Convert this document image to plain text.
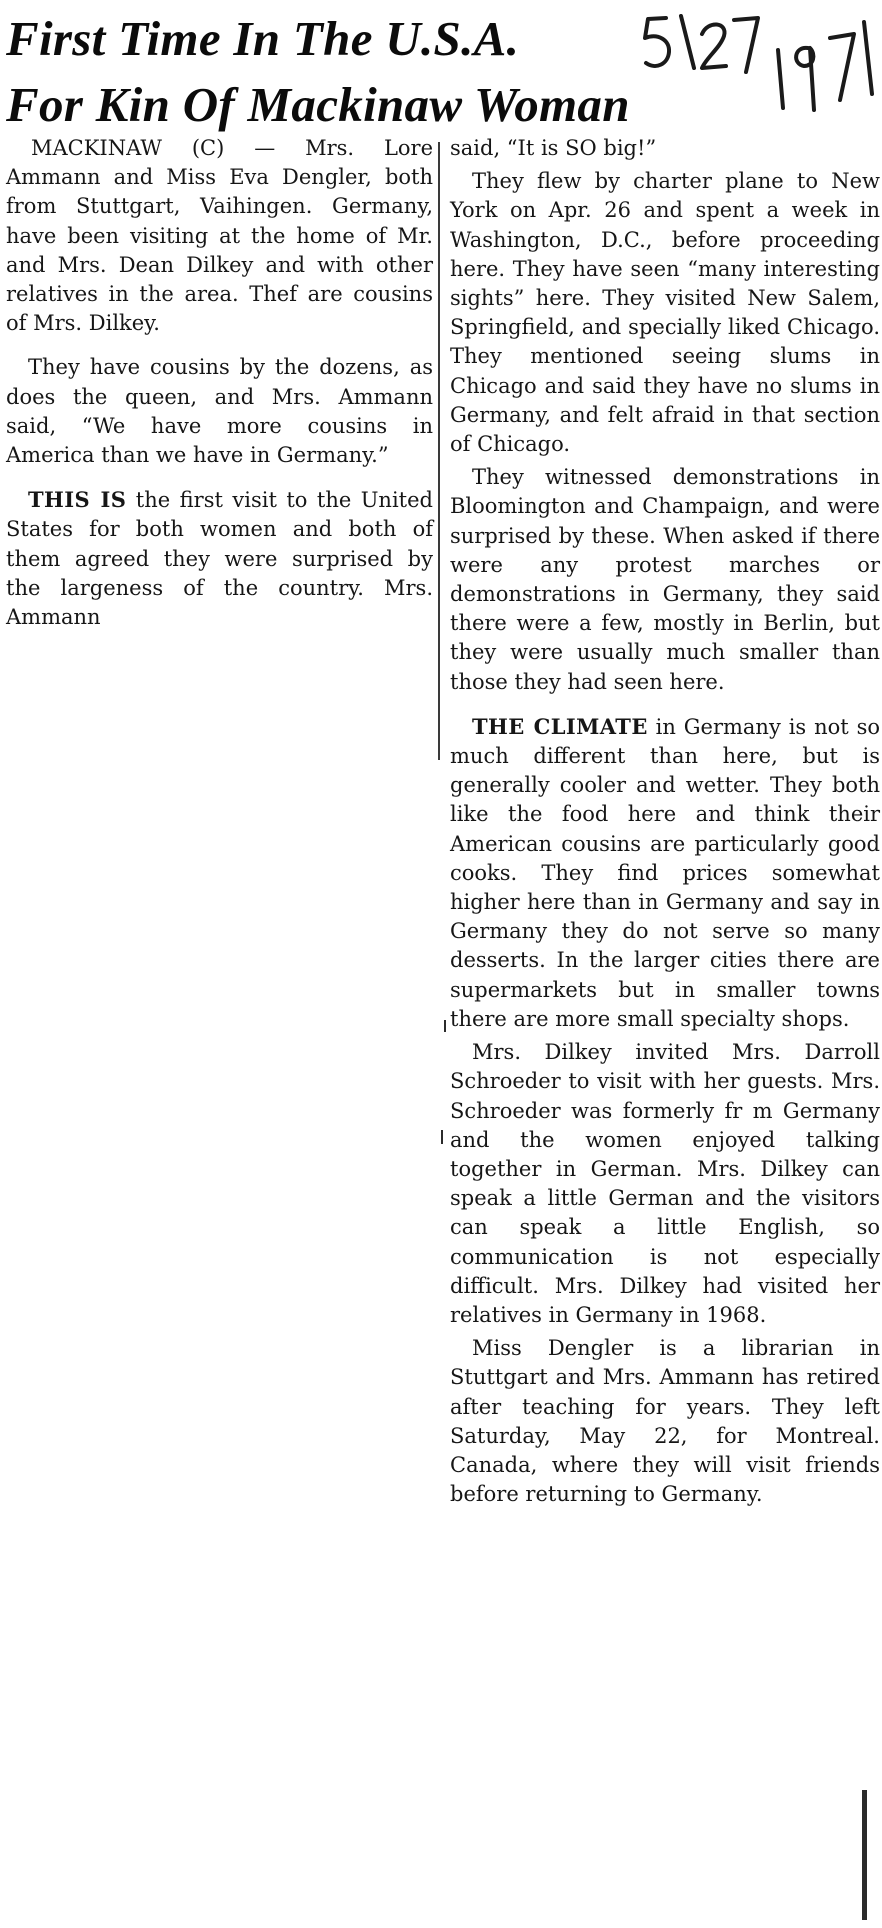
First Time In The U.S.A.
For Kin Of Mackinaw Woman

MACKINAW (C) — Mrs. Lore Ammann and Miss Eva Dengler, both from Stuttgart, Vaihingen. Germany, have been visiting at the home of Mr. and Mrs. Dean Dilkey and with other relatives in the area. Thef are cousins of Mrs. Dilkey.

They have cousins by the dozens, as does the queen, and Mrs. Ammann said, “We have more cousins in America than we have in Germany.”

THIS IS the first visit to the United States for both women and both of them agreed they were surprised by the largeness of the country. Mrs. Ammann

said, “It is SO big!”

They flew by charter plane to New York on Apr. 26 and spent a week in Washington, D.C., before proceeding here. They have seen “many interesting sights” here. They visited New Salem, Springfield, and specially liked Chicago. They mentioned seeing slums in Chicago and said they have no slums in Germany, and felt afraid in that section of Chicago.

They witnessed demonstrations in Bloomington and Champaign, and were surprised by these. When asked if there were any protest marches or demonstrations in Germany, they said there were a few, mostly in Berlin, but they were usually much smaller than those they had seen here.

THE CLIMATE in Germany is not so much different than here, but is generally cooler and wetter. They both like the food here and think their American cousins are particularly good cooks. They find prices somewhat higher here than in Germany and say in Germany they do not serve so many desserts. In the larger cities there are supermarkets but in smaller towns there are more small specialty shops.

Mrs. Dilkey invited Mrs. Darroll Schroeder to visit with her guests. Mrs. Schroeder was formerly fr m Germany and the women enjoyed talking together in German. Mrs. Dilkey can speak a little German and the visitors can speak a little English, so communication is not especially difficult. Mrs. Dilkey had visited her relatives in Germany in 1968.

Miss Dengler is a librarian in Stuttgart and Mrs. Ammann has retired after teaching for years. They left Saturday, May 22, for Montreal. Canada, where they will visit friends before returning to Germany.
